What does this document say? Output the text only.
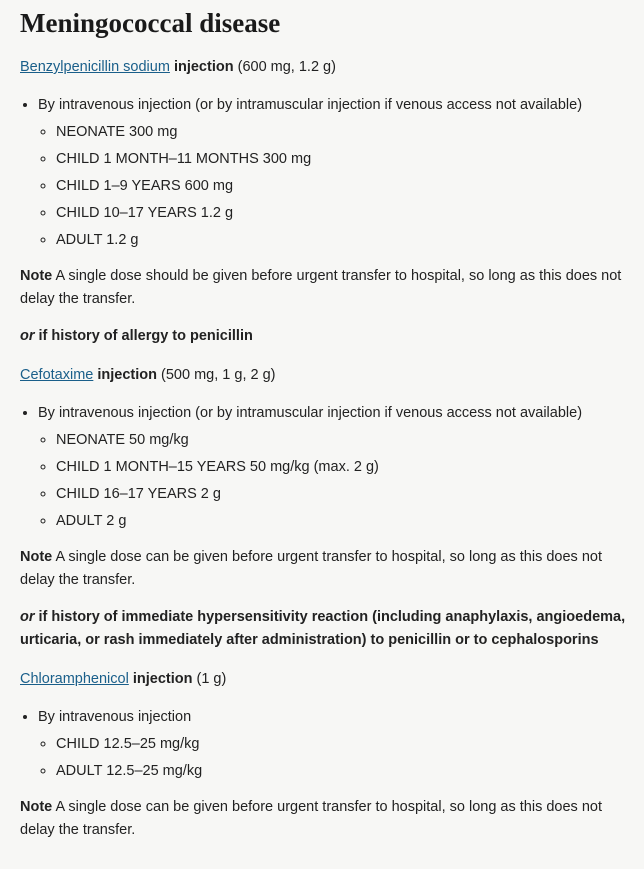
Meningococcal disease

Benzylpenicillin sodium injection (600 mg, 1.2 g)

• By intravenous injection (or by intramuscular injection if venous access not available)
◦ NEONATE 300 mg
◦ CHILD 1 MONTH–11 MONTHS 300 mg
◦ CHILD 1–9 YEARS 600 mg
◦ CHILD 10–17 YEARS 1.2 g
◦ ADULT 1.2 g

Note A single dose should be given before urgent transfer to hospital, so long as this does not delay the transfer.

or if history of allergy to penicillin

Cefotaxime injection (500 mg, 1 g, 2 g)

• By intravenous injection (or by intramuscular injection if venous access not available)
◦ NEONATE 50 mg/kg
◦ CHILD 1 MONTH–15 YEARS 50 mg/kg (max. 2 g)
◦ CHILD 16–17 YEARS 2 g
◦ ADULT 2 g

Note A single dose can be given before urgent transfer to hospital, so long as this does not delay the transfer.

or if history of immediate hypersensitivity reaction (including anaphylaxis, angioedema, urticaria, or rash immediately after administration) to penicillin or to cephalosporins

Chloramphenicol injection (1 g)

• By intravenous injection
◦ CHILD 12.5–25 mg/kg
◦ ADULT 12.5–25 mg/kg

Note A single dose can be given before urgent transfer to hospital, so long as this does not delay the transfer.
